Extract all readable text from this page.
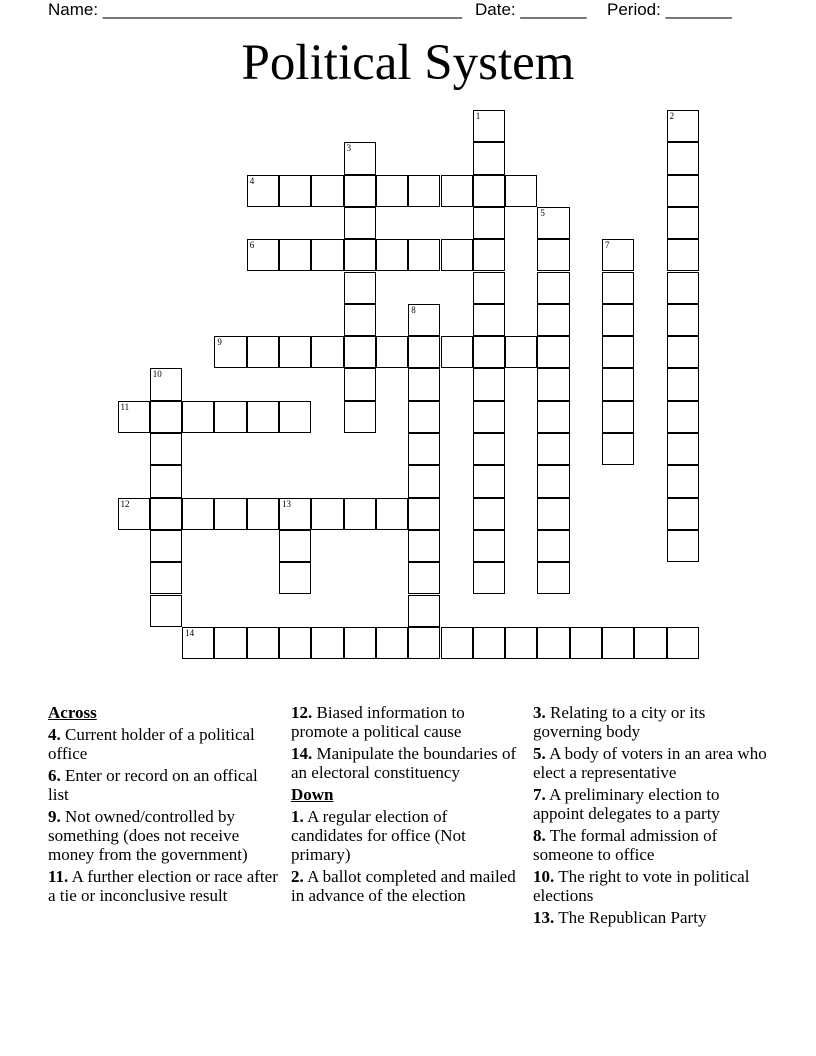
Name: ______________________________________ Date: _______ Period: _______
Political System
1	2
3
4
5
6	7
8
9
10
11
12	13
14
Across
4. Current holder of a political office
6. Enter or record on an offical list
9. Not owned/controlled by something (does not receive money from the government)
11. A further election or race after a tie or inconclusive result
12. Biased information to promote a political cause
14. Manipulate the boundaries of an electoral constituency
Down
1. A regular election of candidates for office (Not primary)
2. A ballot completed and mailed in advance of the election
3. Relating to a city or its governing body
5. A body of voters in an area who elect a representative
7. A preliminary election to appoint delegates to a party
8. The formal admission of someone to office
10. The right to vote in political elections
13. The Republican Party
